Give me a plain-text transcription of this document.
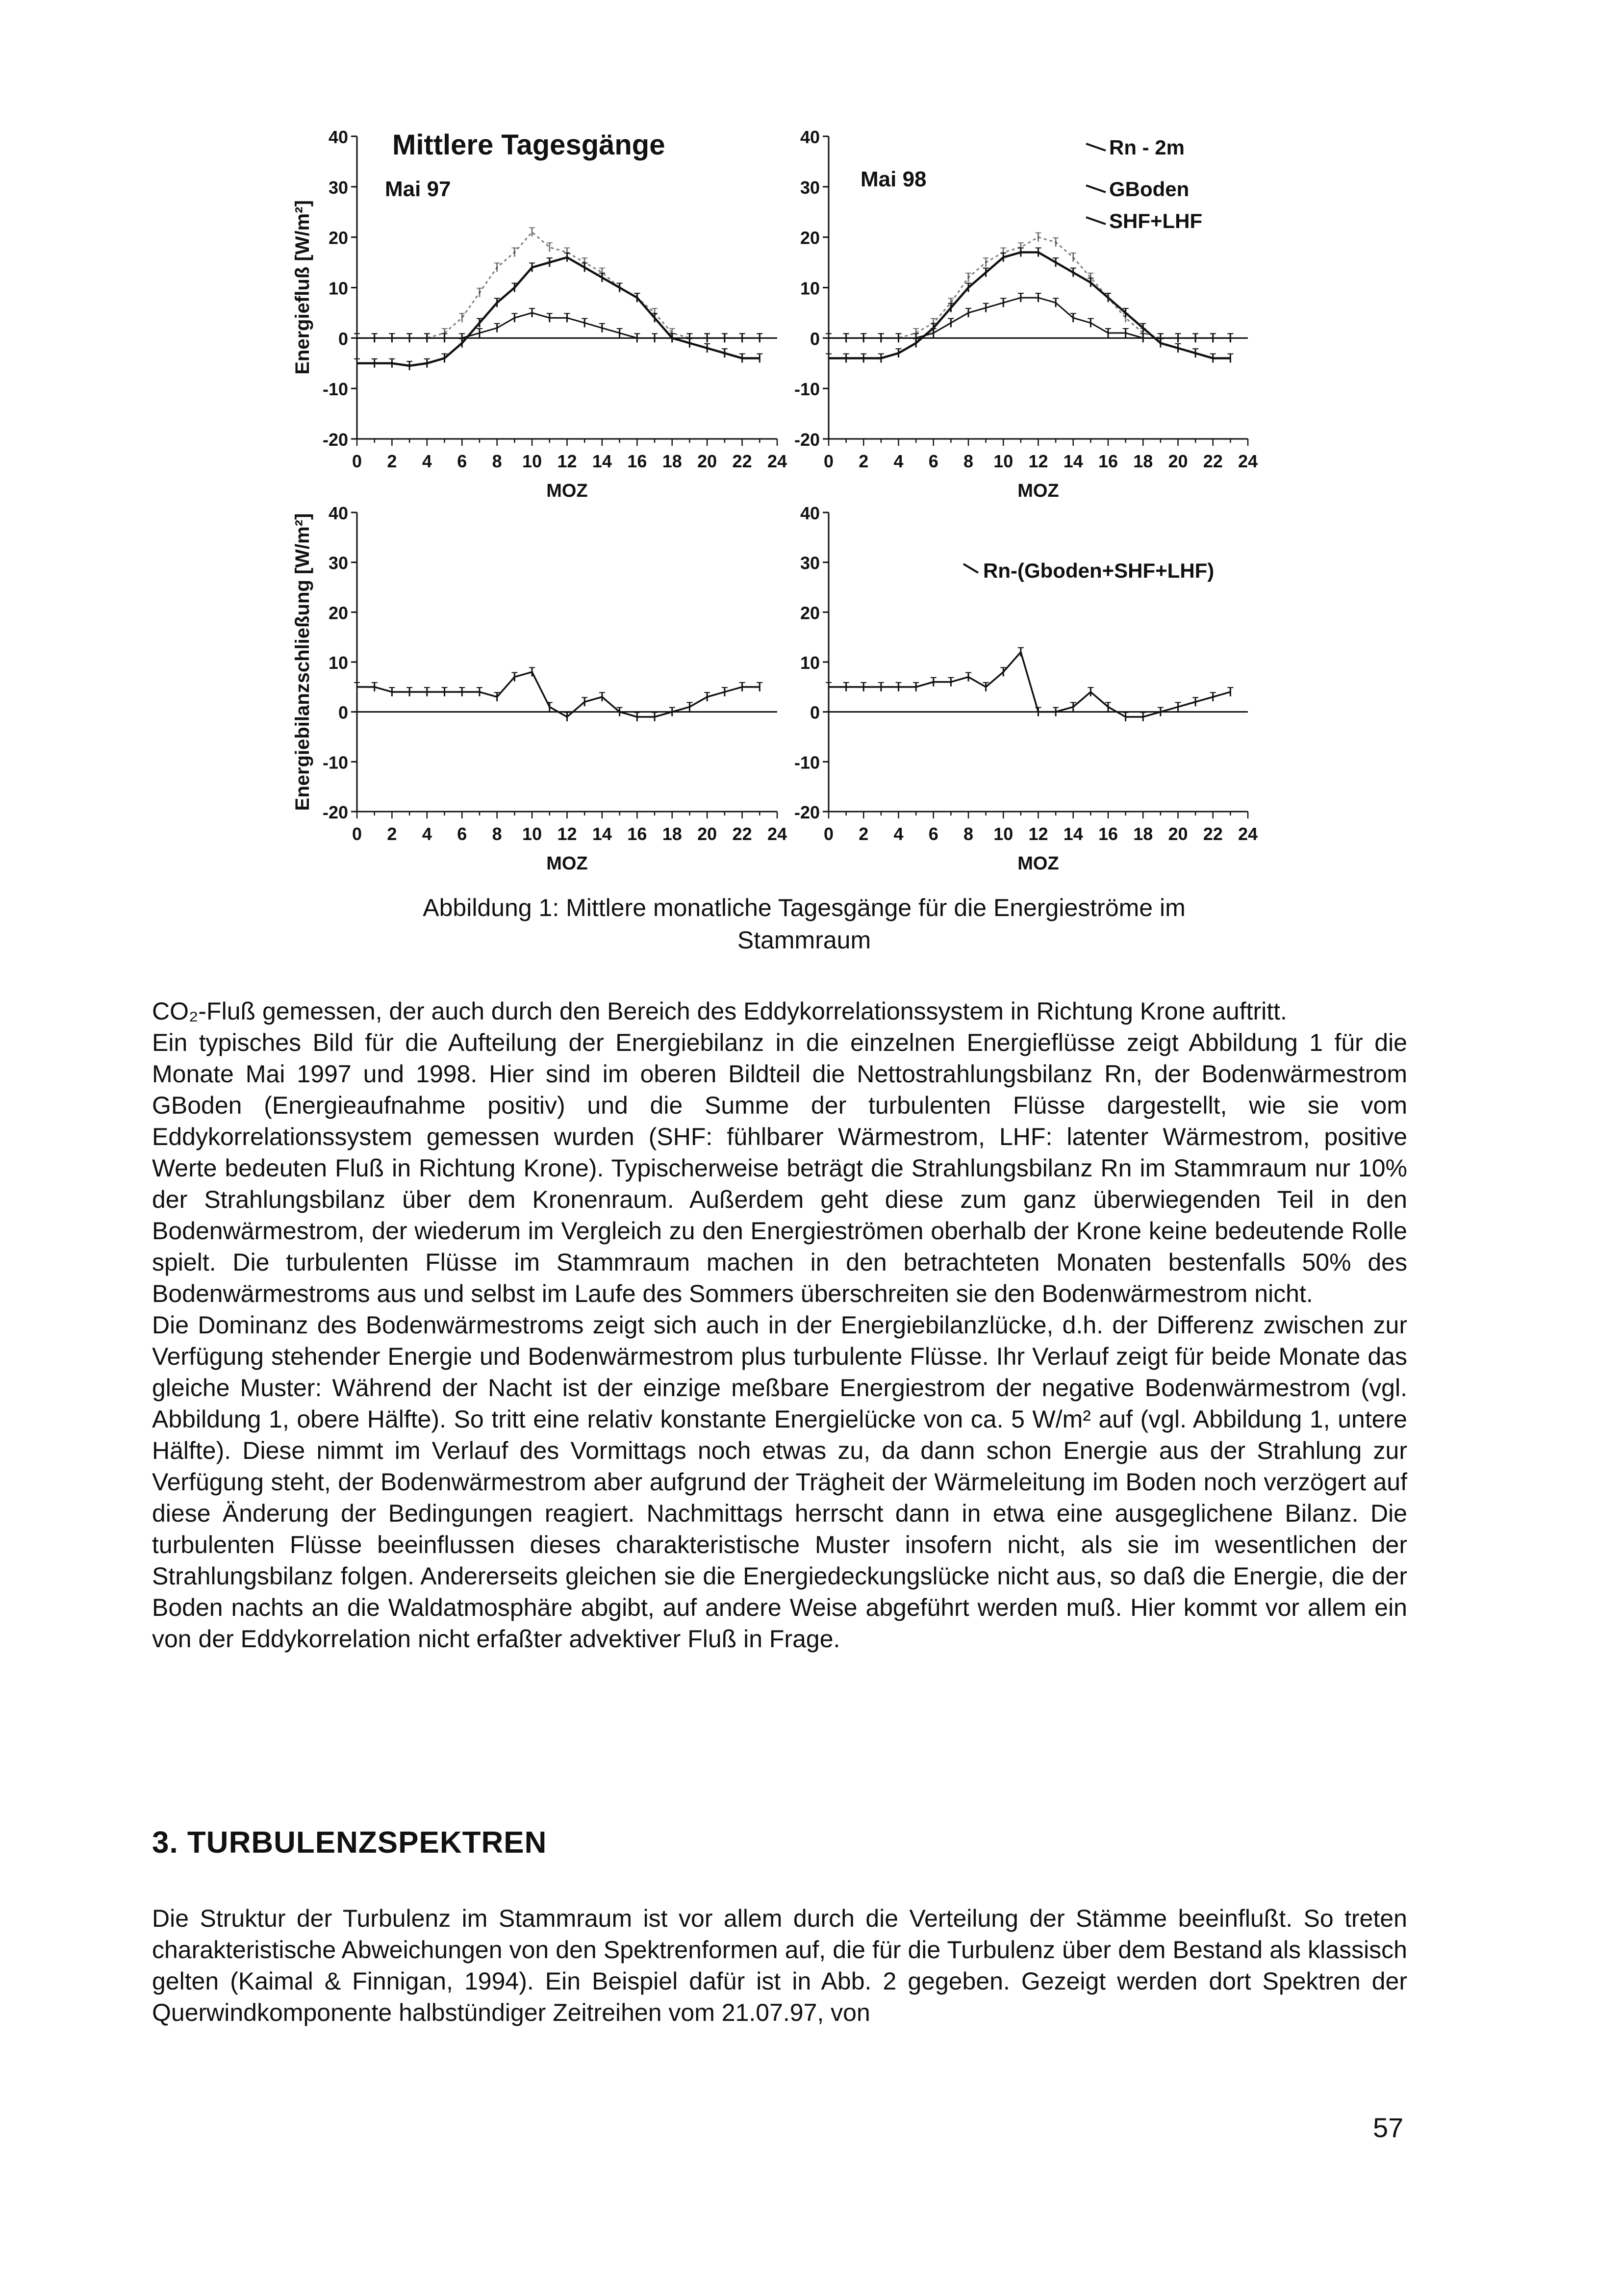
-20
-10
0
10
20
30
40
0 2 4 6 8 10 12 14 16 18 20 22 24
MOZ
-20
-10
0
10
20
30
40
0 2 4 6 8 10 12 14 16 18 20 22 24
MOZ
-20
-10
0
10
20
30
40
0 2 4 6 8 10 12 14 16 18 20 22 24
MOZ
-20
-10
0
10
20
30
40
0 2 4 6 8 10 12 14 16 18 20 22 24
MOZ
Mittlere Tagesgänge
Mai 97	Mai 98
Rn - 2m
GBoden
SHF+LHF
Rn-(Gboden+SHF+LHF)
Energiefluß [W/m²]
Energiebilanzschließung [W/m²]
Abbildung 1: Mittlere monatliche Tagesgänge für die Energieströme im
Stammraum

CO₂-Fluß gemessen, der auch durch den Bereich des Eddykorrelationssystem in Richtung Krone auftritt.

Ein typisches Bild für die Aufteilung der Energiebilanz in die einzelnen Energieflüsse zeigt Abbildung 1 für die Monate Mai 1997 und 1998. Hier sind im oberen Bildteil die Nettostrahlungsbilanz Rn, der Bodenwärmestrom GBoden (Energieaufnahme positiv) und die Summe der turbulenten Flüsse dargestellt, wie sie vom Eddykorrelationssystem gemessen wurden (SHF: fühlbarer Wärmestrom, LHF: latenter Wärmestrom, positive Werte bedeuten Fluß in Richtung Krone). Typischerweise beträgt die Strahlungsbilanz Rn im Stammraum nur 10% der Strahlungsbilanz über dem Kronenraum. Außerdem geht diese zum ganz überwiegenden Teil in den Bodenwärmestrom, der wiederum im Vergleich zu den Energieströmen oberhalb der Krone keine bedeutende Rolle spielt. Die turbulenten Flüsse im Stammraum machen in den betrachteten Monaten bestenfalls 50% des Bodenwärmestroms aus und selbst im Laufe des Sommers überschreiten sie den Bodenwärmestrom nicht.

Die Dominanz des Bodenwärmestroms zeigt sich auch in der Energiebilanzlücke, d.h. der Differenz zwischen zur Verfügung stehender Energie und Bodenwärmestrom plus turbulente Flüsse. Ihr Verlauf zeigt für beide Monate das gleiche Muster: Während der Nacht ist der einzige meßbare Energiestrom der negative Bodenwärmestrom (vgl. Abbildung 1, obere Hälfte). So tritt eine relativ konstante Energielücke von ca. 5 W/m² auf (vgl. Abbildung 1, untere Hälfte). Diese nimmt im Verlauf des Vormittags noch etwas zu, da dann schon Energie aus der Strahlung zur Verfügung steht, der Bodenwärmestrom aber aufgrund der Trägheit der Wärmeleitung im Boden noch verzögert auf diese Änderung der Bedingungen reagiert. Nachmittags herrscht dann in etwa eine ausgeglichene Bilanz. Die turbulenten Flüsse beeinflussen dieses charakteristische Muster insofern nicht, als sie im wesentlichen der Strahlungsbilanz folgen. Andererseits gleichen sie die Energiedeckungslücke nicht aus, so daß die Energie, die der Boden nachts an die Waldatmosphäre abgibt, auf andere Weise abgeführt werden muß. Hier kommt vor allem ein von der Eddykorrelation nicht erfaßter advektiver Fluß in Frage.

3. TURBULENZSPEKTREN

Die Struktur der Turbulenz im Stammraum ist vor allem durch die Verteilung der Stämme beeinflußt. So treten charakteristische Abweichungen von den Spektrenformen auf, die für die Turbulenz über dem Bestand als klassisch gelten (Kaimal & Finnigan, 1994). Ein Beispiel dafür ist in Abb. 2 gegeben. Gezeigt werden dort Spektren der Querwindkomponente halbstündiger Zeitreihen vom 21.07.97, von

57
